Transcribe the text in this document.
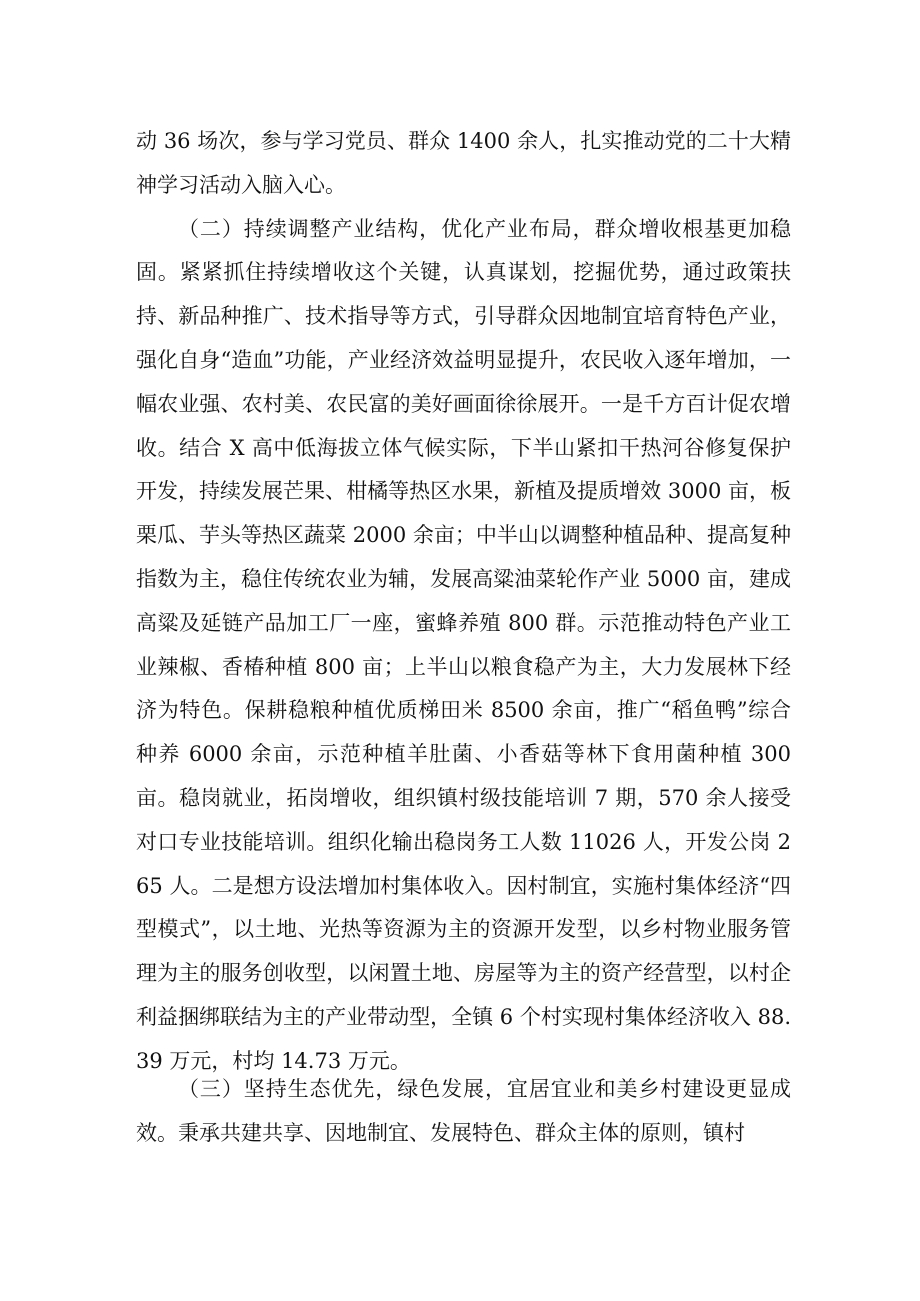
动 36 场次，参与学习党员、群众 1400 余人，扎实推动党的二十大精神学习活动入脑入心。

（二）持续调整产业结构，优化产业布局，群众增收根基更加稳固。紧紧抓住持续增收这个关键，认真谋划，挖掘优势，通过政策扶持、新品种推广、技术指导等方式，引导群众因地制宜培育特色产业，强化自身“造血”功能，产业经济效益明显提升，农民收入逐年增加，一幅农业强、农村美、农民富的美好画面徐徐展开。一是千方百计促农增收。结合 X 高中低海拔立体气候实际，下半山紧扣干热河谷修复保护开发，持续发展芒果、柑橘等热区水果，新植及提质增效 3000 亩，板栗瓜、芋头等热区蔬菜 2000 余亩；中半山以调整种植品种、提高复种指数为主，稳住传统农业为辅，发展高粱油菜轮作产业 5000 亩，建成高粱及延链产品加工厂一座，蜜蜂养殖 800 群。示范推动特色产业工业辣椒、香椿种植 800 亩；上半山以粮食稳产为主，大力发展林下经济为特色。保耕稳粮种植优质梯田米 8500 余亩，推广“稻鱼鸭”综合种养 6000 余亩，示范种植羊肚菌、小香菇等林下食用菌种植 300 亩。稳岗就业，拓岗增收，组织镇村级技能培训 7 期，570 余人接受对口专业技能培训。组织化输出稳岗务工人数 11026 人，开发公岗 265 人。二是想方设法增加村集体收入。因村制宜，实施村集体经济“四型模式”，以土地、光热等资源为主的资源开发型，以乡村物业服务管理为主的服务创收型，以闲置土地、房屋等为主的资产经营型，以村企利益捆绑联结为主的产业带动型，全镇 6 个村实现村集体经济收入 88.39 万元，村均 14.73 万元。

（三）坚持生态优先，绿色发展，宜居宜业和美乡村建设更显成效。秉承共建共享、因地制宜、发展特色、群众主体的原则，镇村
